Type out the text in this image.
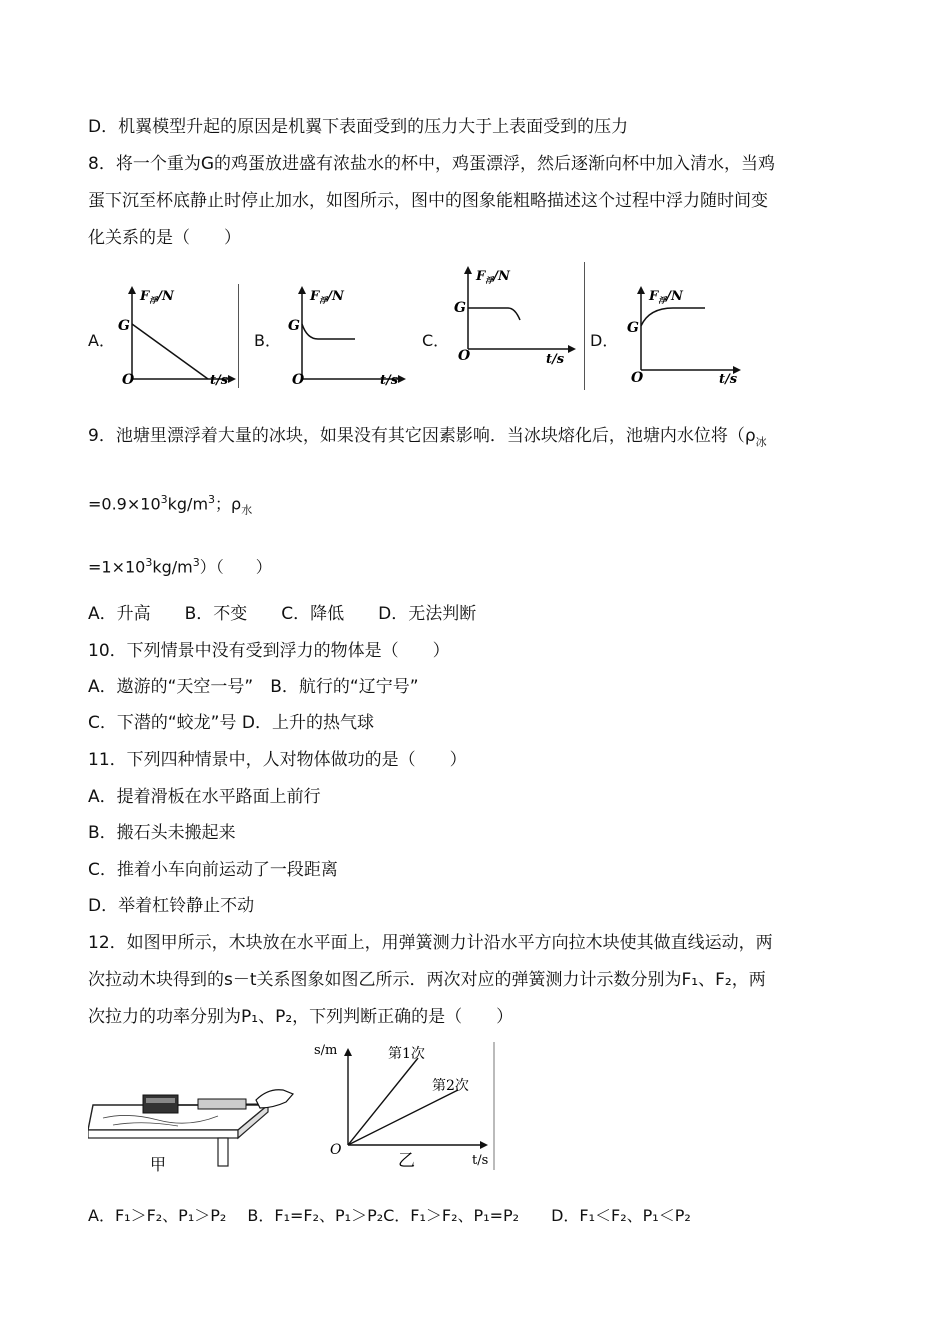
D．机翼模型升起的原因是机翼下表面受到的压力大于上表面受到的压力
8．将一个重为G的鸡蛋放进盛有浓盐水的杯中，鸡蛋漂浮，然后逐渐向杯中加入清水，当鸡
蛋下沉至杯底静止时停止加水，如图所示，图中的图象能粗略描述这个过程中浮力随时间变
化关系的是（　　）
A．
$F_浮/N$
G
O	t/s
B．
$F_浮/N$
G
O	t/s
C．
$F_浮/N$
G
O	t/s
D．
$F_浮/N$
G
O	t/s
9．池塘里漂浮着大量的冰块，如果没有其它因素影响．当冰块熔化后，池塘内水位将（$\rho_冰$
$=0.9\times 10^3kg/m^3$；$\rho_水$
$=1\times 10^3kg/m^3$）（　　）
A．升高　　B．不变　　C．降低　　D．无法判断
10．下列情景中没有受到浮力的物体是（　　）
A．遨游的“天空一号”　B．航行的“辽宁号”
C．下潜的“蛟龙”号 D．上升的热气球
11．下列四种情景中，人对物体做功的是（　　）
A．提着滑板在水平路面上前行
B．搬石头未搬起来
C．推着小车向前运动了一段距离
D．举着杠铃静止不动
12．如图甲所示，木块放在水平面上，用弹簧测力计沿水平方向拉木块使其做直线运动，两
次拉动木块得到的s－t关系图象如图乙所示．两次对应的弹簧测力计示数分别为F₁、F₂，两
次拉力的功率分别为P₁、P₂，下列判断正确的是（　　）
甲
s/m	第1次
第2次
O
乙	t/s
A．F₁＞F₂、P₁＞P₂　 B．F₁=F₂、P₁＞P₂C．F₁＞F₂、P₁=P₂　　D．F₁＜F₂、P₁＜P₂
